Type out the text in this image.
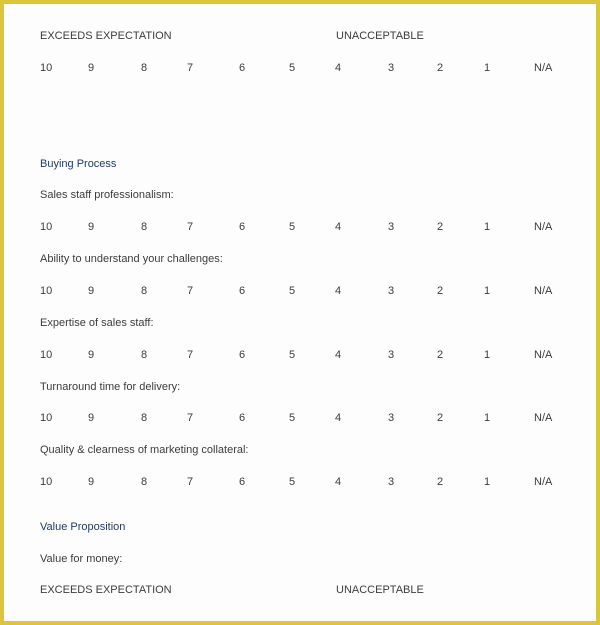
EXCEEDS EXPECTATION	UNACCEPTABLE
10	9	8	7	6	5	4	3	2	1	N/A
Buying Process
Sales staff professionalism:
10	9	8	7	6	5	4	3	2	1	N/A
Ability to understand your challenges:
10	9	8	7	6	5	4	3	2	1	N/A
Expertise of sales staff:
10	9	8	7	6	5	4	3	2	1	N/A
Turnaround time for delivery:
10	9	8	7	6	5	4	3	2	1	N/A
Quality & clearness of marketing collateral:
10	9	8	7	6	5	4	3	2	1	N/A
Value Proposition
Value for money:
EXCEEDS EXPECTATION	UNACCEPTABLE
